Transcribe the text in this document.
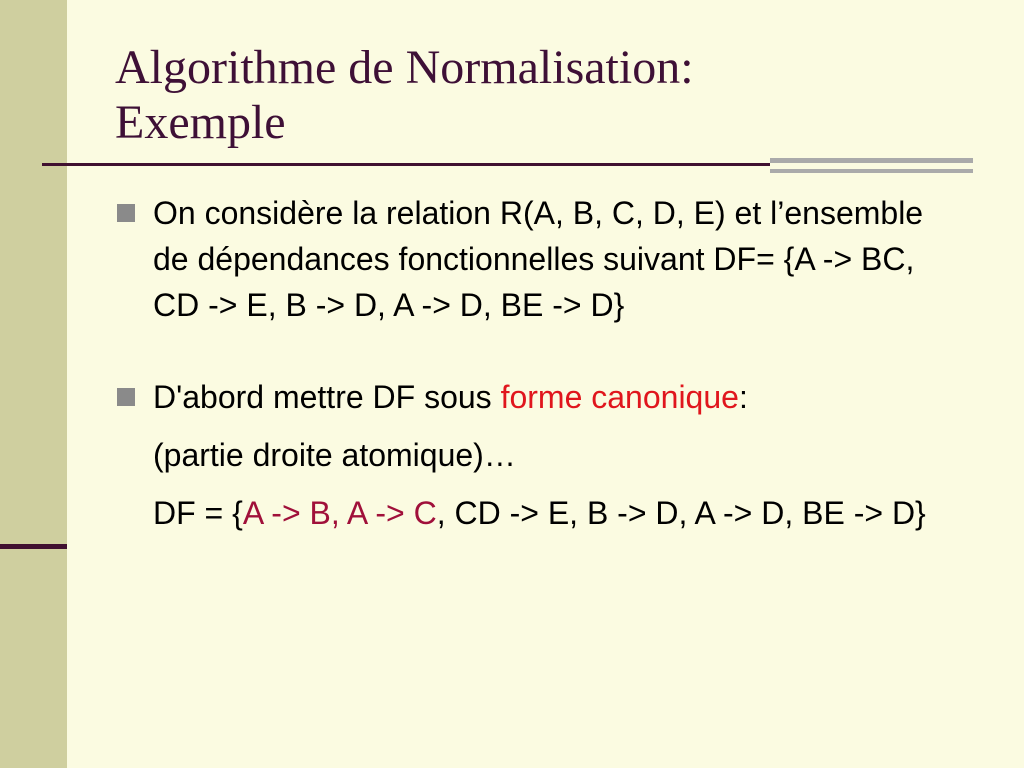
Algorithme de Normalisation:
Exemple
On considère la relation R(A, B, C, D, E) et l’ensemble de dépendances fonctionnelles suivant DF= {A -> BC, CD -> E, B -> D, A -> D, BE -> D}
D'abord mettre DF sous forme canonique:
(partie droite atomique)…
DF = {A -> B, A -> C, CD -> E, B -> D, A -> D, BE -> D}
